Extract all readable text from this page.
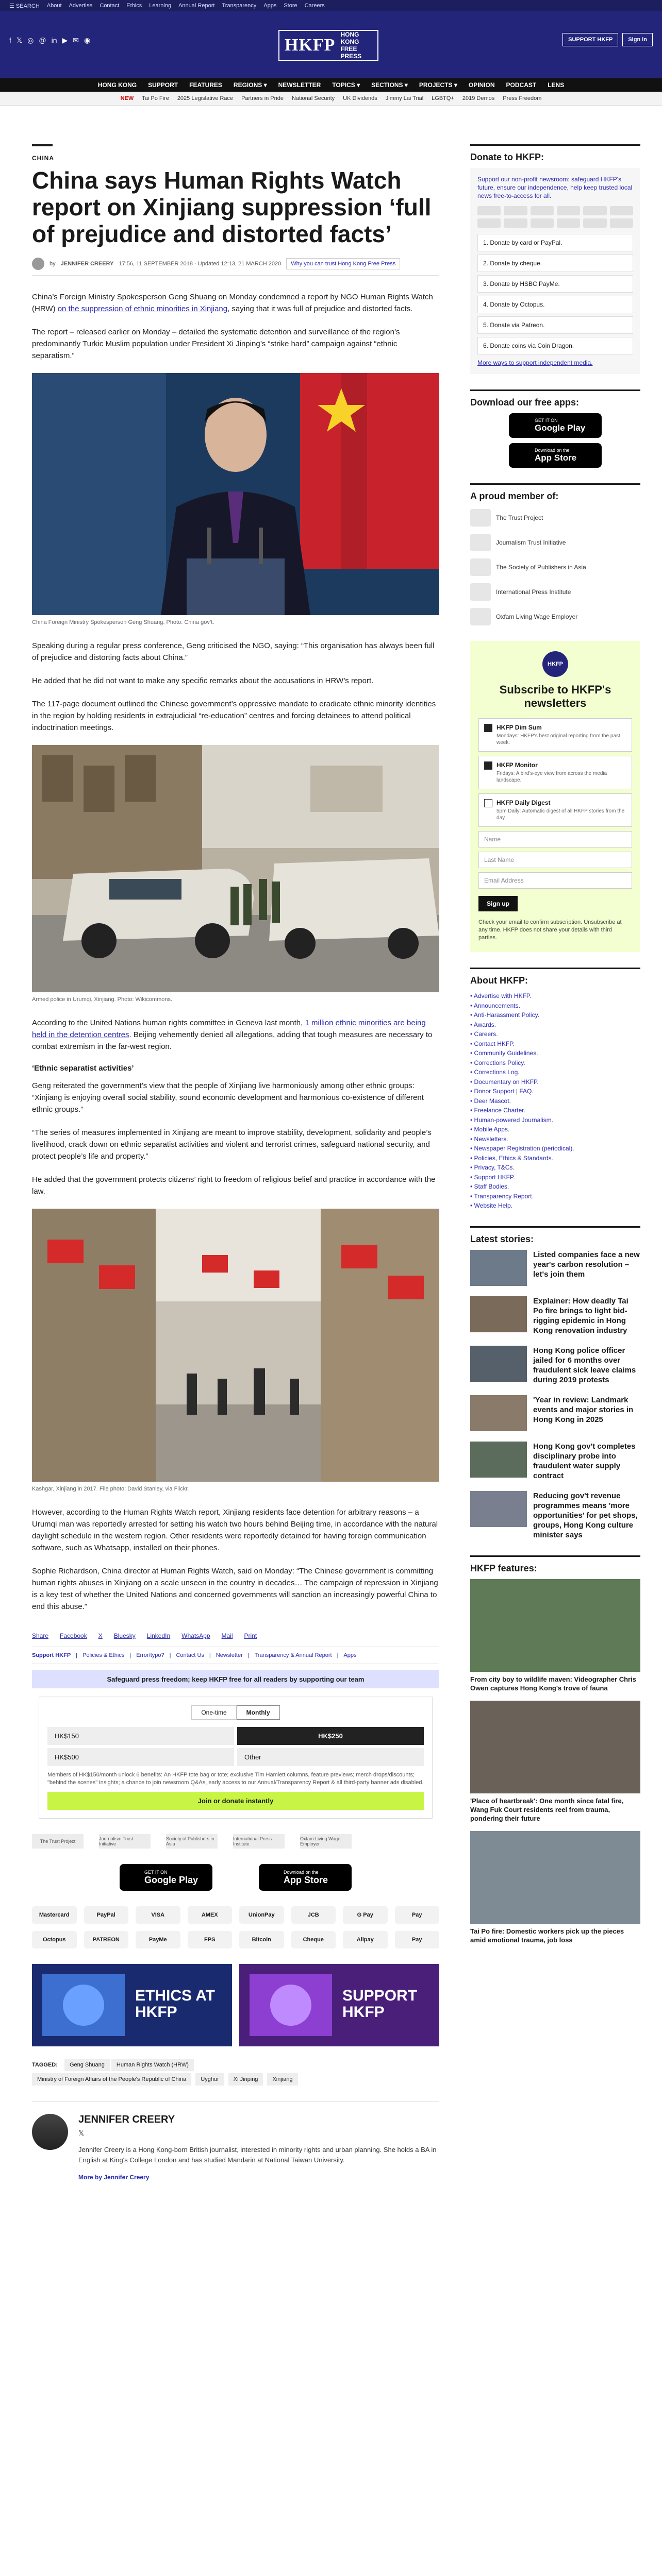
☰ SEARCH About Advertise Contact Ethics Learning Annual Report Transparency Apps Store Careers
f 𝕏 ◎ @ in ▶ ✉ ◉	HKFP
HONG KONG
FREE PRESS
SUPPORT HKFP	Sign in
HONG KONG SUPPORT FEATURES REGIONS ▾ NEWSLETTER TOPICS ▾ SECTIONS ▾ PROJECTS ▾ OPINION PODCAST LENS
NEW Tai Po Fire 2025 Legislative Race Partners in Pride National Security UK Dividends Jimmy Lai Trial LGBTQ+ 2019 Demos Press Freedom
CHINA
China says Human Rights Watch report on Xinjiang suppression ‘full of prejudice and distorted facts’
by JENNIFER CREERY 17:56, 11 SEPTEMBER 2018 · Updated 12:13, 21 MARCH 2020	Why you can trust Hong Kong Free Press

China’s Foreign Ministry Spokesperson Geng Shuang on Monday condemned a report by NGO Human Rights Watch (HRW) on the suppression of ethnic minorities in Xinjiang, saying that it was full of prejudice and distorted facts.

The report – released earlier on Monday – detailed the systematic detention and surveillance of the region’s predominantly Turkic Muslim population under President Xi Jinping’s “strike hard” campaign against “ethnic separatism.”

China Foreign Ministry Spokesperson Geng Shuang. Photo: China gov’t.

Speaking during a regular press conference, Geng criticised the NGO, saying: “This organisation has always been full of prejudice and distorting facts about China.”

He added that he did not want to make any specific remarks about the accusations in HRW’s report.

The 117-page document outlined the Chinese government’s oppressive mandate to eradicate ethnic minority identities in the region by holding residents in extrajudicial “re-education” centres and forcing detainees to attend political indoctrination meetings.

Armed police in Urumqi, Xinjiang. Photo: Wikicommons.

According to the United Nations human rights committee in Geneva last month, 1 million ethnic minorities are being held in the detention centres. Beijing vehemently denied all allegations, adding that tough measures are necessary to combat extremism in the far-west region.

‘Ethnic separatist activities’

Geng reiterated the government’s view that the people of Xinjiang live harmoniously among other ethnic groups: “Xinjiang is enjoying overall social stability, sound economic development and harmonious co-existence of different ethnic groups.”

“The series of measures implemented in Xinjiang are meant to improve stability, development, solidarity and people’s livelihood, crack down on ethnic separatist activities and violent and terrorist crimes, safeguard national security, and protect people’s life and property.”

He added that the government protects citizens’ right to freedom of religious belief and practice in accordance with the law.

Kashgar, Xinjiang in 2017. File photo: David Stanley, via Flickr.

However, according to the Human Rights Watch report, Xinjiang residents face detention for arbitrary reasons – a Urumqi man was reportedly arrested for setting his watch two hours behind Beijing time, in accordance with the natural daylight schedule in the western region. Other residents were reportedly detained for having foreign communication software, such as Whatsapp, installed on their phones.

Sophie Richardson, China director at Human Rights Watch, said on Monday: “The Chinese government is committing human rights abuses in Xinjiang on a scale unseen in the country in decades… The campaign of repression in Xinjiang is a key test of whether the United Nations and concerned governments will sanction an increasingly powerful China to end this abuse.”

Share Facebook X Bluesky LinkedIn WhatsApp Mail Print
Support HKFP | Policies & Ethics | Error/typo? | Contact Us | Newsletter | Transparency & Annual Report | Apps
Safeguard press freedom; keep HKFP free for all readers by supporting our team
One-time	Monthly
HK$150	HK$250
HK$500	Other
Members of HK$150/month unlock 6 benefits: An HKFP tote bag or tote; exclusive Tim Hamlett columns, feature previews; merch drops/discounts; "behind the scenes" insights; a chance to join newsroom Q&As, early access to our Annual/Transparency Report & all third-party banner ads disabled.
Join or donate instantly
The Trust Project	Journalism Trust Initiative
Society of Publishers in Asia
International Press Institute
Oxfam Living Wage Employer
GET IT ON
Google Play
Download on the
App Store
Mastercard	PayPal	VISA	AMEX	UnionPay	JCB	G Pay	Pay
Octopus	PATREON	PayMe	FPS	Bitcoin	Cheque	Alipay	Pay
ETHICS AT HKFP
SUPPORT HKFP
TAGGED: Geng Shuang Human Rights Watch (HRW)
Ministry of Foreign Affairs of the People's Republic of China	Uyghur	Xi Jinping	Xinjiang
JENNIFER CREERY
𝕏
Jennifer Creery is a Hong Kong-born British journalist, interested in minority rights and urban planning. She holds a BA in English at King's College London and has studied Mandarin at National Taiwan University.
More by Jennifer Creery
Donate to HKFP:
Support our non-profit newsroom: safeguard HKFP's future, ensure our independence, help keep trusted local news free-to-access for all.
1. Donate by card or PayPal.
2. Donate by cheque.
3. Donate by HSBC PayMe.
4. Donate by Octopus.
5. Donate via Patreon.
6. Donate coins via Coin Dragon.
More ways to support independent media.
Download our free apps:
GET IT ON
Google Play
Download on the
App Store
A proud member of:
The Trust Project
Journalism Trust Initiative
The Society of Publishers in Asia
International Press Institute
Oxfam Living Wage Employer
HKFP
Subscribe to HKFP's newsletters
HKFP Dim Sum
Mondays: HKFP's best original reporting from the past week.
HKFP Monitor
Fridays: A bird's-eye view from across the media landscape.
HKFP Daily Digest
5pm Daily: Automatic digest of all HKFP stories from the day.
Name
Last Name
Email Address
Sign up
Check your email to confirm subscription. Unsubscribe at any time. HKFP does not share your details with third parties.
About HKFP:
• Advertise with HKFP.
• Announcements.
• Anti-Harassment Policy.
• Awards.
• Careers.
• Contact HKFP.
• Community Guidelines.
• Corrections Policy.
• Corrections Log.
• Documentary on HKFP.
• Donor Support | FAQ.
• Deer Mascot.
• Freelance Charter.
• Human-powered Journalism.
• Mobile Apps.
• Newsletters.
• Newspaper Registration (periodical).
• Policies, Ethics & Standards.
• Privacy, T&Cs.
• Support HKFP.
• Staff Bodies.
• Transparency Report.
• Website Help.
Latest stories:
Listed companies face a new year's carbon resolution – let's join them
Explainer: How deadly Tai Po fire brings to light bid-rigging epidemic in Hong Kong renovation industry
Hong Kong police officer jailed for 6 months over fraudulent sick leave claims during 2019 protests
'Year in review: Landmark events and major stories in Hong Kong in 2025
Hong Kong gov't completes disciplinary probe into fraudulent water supply contract
Reducing gov't revenue programmes means 'more opportunities' for pet shops, groups, Hong Kong culture minister says
HKFP features:
From city boy to wildlife maven: Videographer Chris Owen captures Hong Kong's trove of fauna
'Place of heartbreak': One month since fatal fire, Wang Fuk Court residents reel from trauma, pondering their future
Tai Po fire: Domestic workers pick up the pieces amid emotional trauma, job loss
